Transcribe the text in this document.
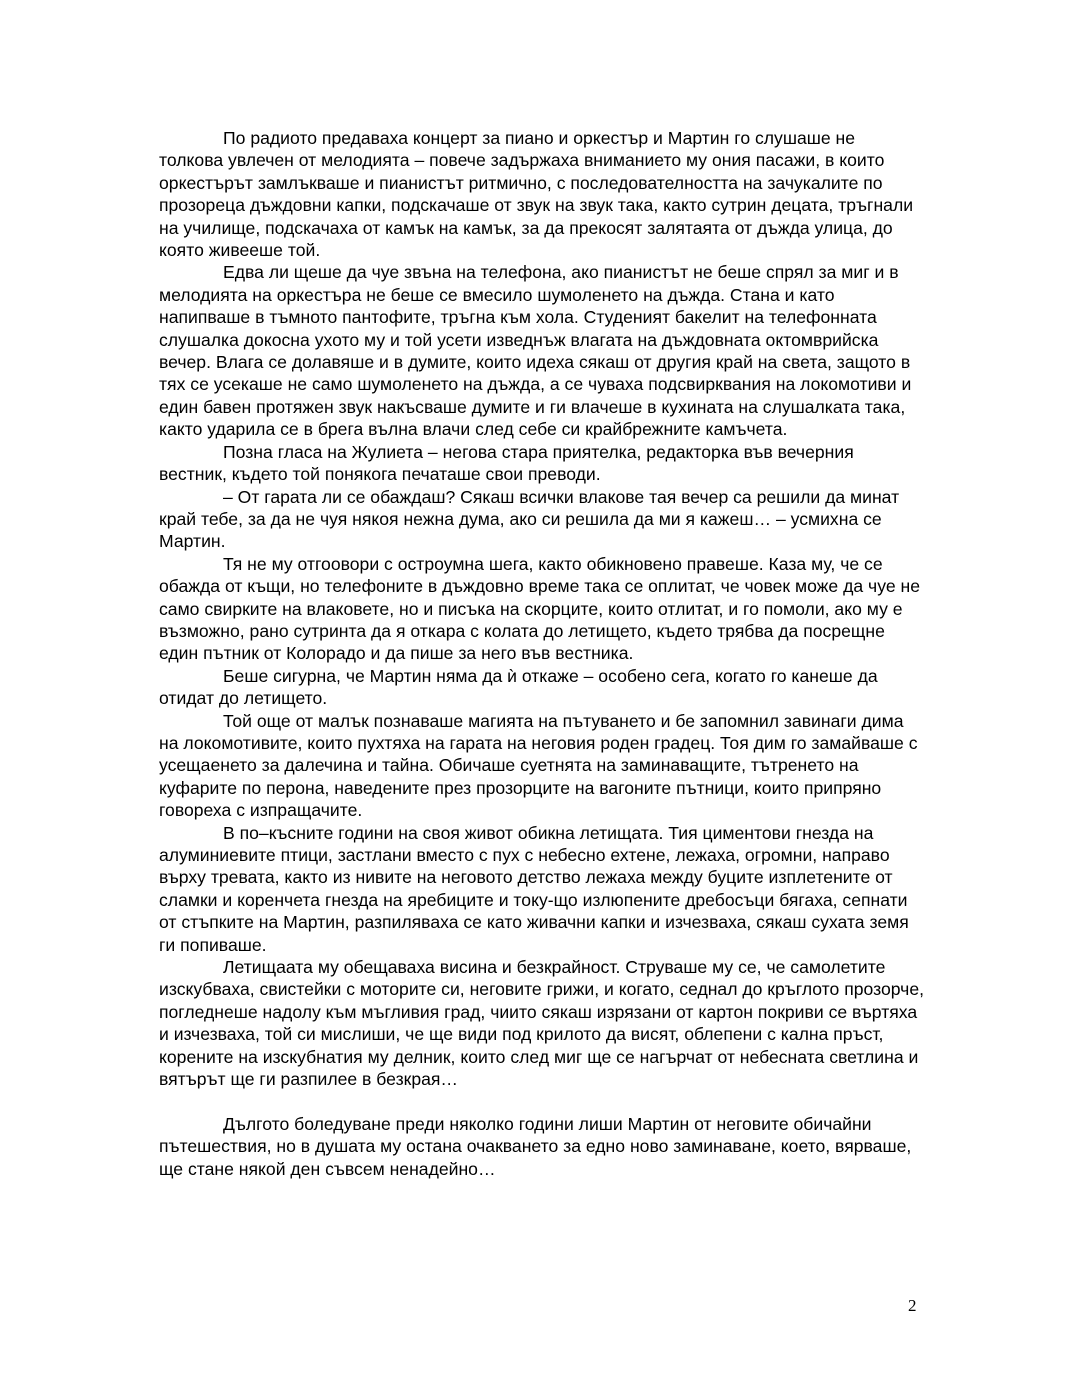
По радиото предаваха концерт за пиано и оркестър и Мартин го слушаше не толкова увлечен от мелодията – повече задържаха вниманието му ония пасажи, в които оркестърът замлъкваше и пианистът ритмично, с последователността на зачукалите по прозореца дъждовни капки, подскачаше от звук на звук така, както сутрин децата, тръгнали на училище, подскачаха от камък на камък, за да прекосят залятаята от дъжда улица, до която живееше той.

Едва ли щеше да чуе звъна на телефона, ако пианистът не беше спрял за миг и в мелодията на оркестъра не беше се вмесило шумоленето на дъжда. Стана и като напипваше в тъмното пантофите, тръгна към хола. Студеният бакелит на телефонната слушалка докосна ухото му и той усети изведнъж влагата на дъждовната октомврийска вечер. Влага се долавяше и в думите, които идеха сякаш от другия край на света, защото в тях се усекаше не само шумоленето на дъжда, а се чуваха подсвирквания на локомотиви и един бавен протяжен звук накъсваше думите и ги влачеше в кухината на слушалката така, както ударила се в брега вълна влачи след себе си крайбрежните камъчета.

Позна гласа на Жулиета – негова стара приятелка, редакторка във вечерния вестник, където той понякога печаташе свои преводи.

– От гарата ли се обаждаш? Сякаш всички влакове тая вечер са решили да минат край тебе, за да не чуя някоя нежна дума, ако си решила да ми я кажеш… – усмихна се Мартин.

Тя не му отгоовори с остроумна шега, както обикновено правеше. Каза му, че се обажда от къщи, но телефоните в дъждовно време така се оплитат, че човек може да чуе не само свирките на влаковете, но и писъка на скорците, които отлитат, и го помоли, ако му е възможно, рано сутринта да я откара с колата до летището, където трябва да посрещне един пътник от Колорадо и да пише за него във вестника.

Беше сигурна, че Мартин няма да ѝ откаже – особено сега, когато го канеше да отидат до летището.

Той още от малък познаваше магията на пътуването и бе запомнил завинаги дима на локомотивите, които пухтяха на гарата на неговия роден градец. Тоя дим го замайваше с усещаенето за далечина и тайна. Обичаше суетнята на заминаващите, тътренето на куфарите по перона, наведените през прозорците на вагоните пътници, които припряно говореха с изпращачите.

В по–късните години на своя живот обикна летищата. Тия циментови гнезда на алуминиевите птици, застлани вместо с пух с небесно ехтене, лежаха, огромни, направо върху тревата, както из нивите на неговото детство лежаха между буците изплетените от сламки и коренчета гнезда на яребиците и току-що излюпените дребосъци бягаха, сепнати от стъпките на Мартин, разпиляваха се като живачни капки и изчезваха, сякаш сухата земя ги попиваше.

Летищаата му обещаваха висина и безкрайност. Струваше му се, че самолетите изскубваха, свистейки с моторите си, неговите грижи, и когато, седнал до кръглото прозорче, погледнеше надолу към мъгливия град, чиито сякаш изрязани от картон покриви се въртяха и изчезваха, той си мислиши, че ще види под крилото да висят, облепени с кална пръст, корените на изскубнатия му делник, които след миг ще се нагърчат от небесната светлина и вятърът ще ги разпилее в безкрая…

Дългото боледуване преди няколко години лиши Мартин от неговите обичайни пътешествия, но в душата му остана очакването за едно ново заминаване, което, вярваше, ще стане някой ден съвсем ненадейно…

2
